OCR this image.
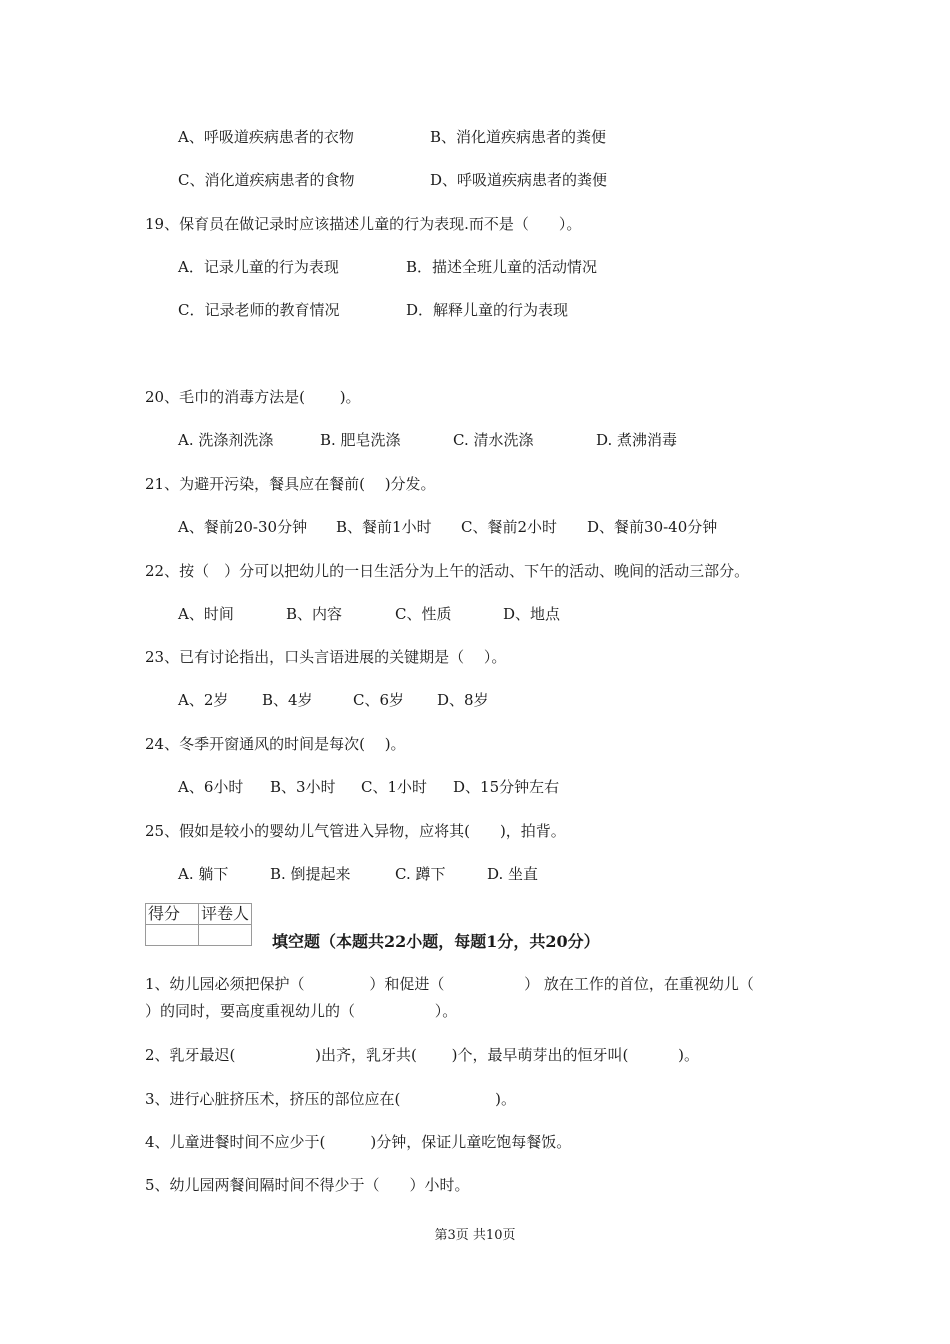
A、呼吸道疾病患者的衣物	B、消化道疾病患者的粪便
C、消化道疾病患者的食物	D、呼吸道疾病患者的粪便
19、保育员在做记录时应该描述儿童的行为表现.而不是（　　）。
A．记录儿童的行为表现	B．描述全班儿童的活动情况
C．记录老师的教育情况	D．解释儿童的行为表现
20、毛巾的消毒方法是(　　 )。
A. 洗涤剂洗涤	B. 肥皂洗涤	C. 清水洗涤	D. 煮沸消毒
21、为避开污染，餐具应在餐前(　 )分发。
A、餐前20-30分钟 B、餐前1小时 C、餐前2小时 D、餐前30-40分钟
22、按（　）分可以把幼儿的一日生活分为上午的活动、下午的活动、晚间的活动三部分。
A、时间	B、内容	C、性质	D、地点
23、已有讨论指出，口头言语进展的关键期是（　 ）。
A、2岁 B、4岁	C、6岁 D、8岁
24、冬季开窗通风的时间是每次(　 )。
A、6小时 B、3小时 C、1小时 D、15分钟左右
25、假如是较小的婴幼儿气管进入异物，应将其(　　)，拍背。
A. 躺下	B. 倒提起来	C. 蹲下	D. 坐直
得分	评卷人

填空题（本题共22小题，每题1分，共20分）
1、幼儿园必须把保护（　　　　 ）和促进（　　　　　 ） 放在工作的首位，在重视幼儿（
）的同时，要高度重视幼儿的（　　　　　 ）。
2、乳牙最迟(　　　　　 )出齐，乳牙共(　　 )个，最早萌芽出的恒牙叫(　　　 )。
3、进行心脏挤压术，挤压的部位应在(　　　　　　 )。
4、儿童进餐时间不应少于(　　　)分钟，保证儿童吃饱每餐饭。
5、幼儿园两餐间隔时间不得少于（　　）小时。
第3页 共10页
